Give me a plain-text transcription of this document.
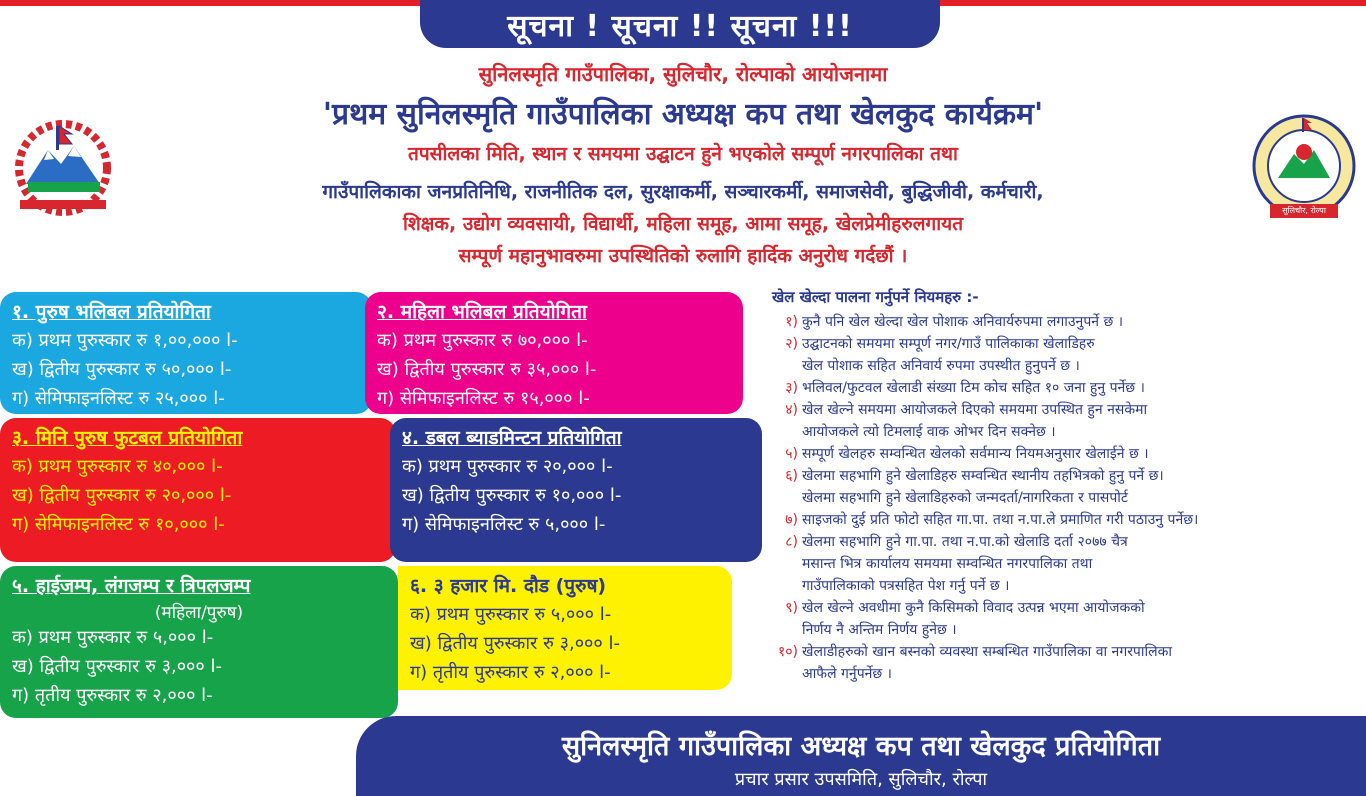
सूचना ! सूचना !! सूचना !!!
सुलिचौर, रोल्पा
सुनिलस्मृति गाउँपालिका, सुलिचौर, रोल्पाको आयोजनामा
'प्रथम सुनिलस्मृति गाउँपालिका अध्यक्ष कप तथा खेलकुद कार्यक्रम'
तपसीलका मिति, स्थान र समयमा उद्घाटन हुने भएकोले सम्पूर्ण नगरपालिका तथा
गाउँपालिकाका जनप्रतिनिधि, राजनीतिक दल, सुरक्षाकर्मी, सञ्चारकर्मी, समाजसेवी, बुद्धिजीवी, कर्मचारी,
शिक्षक, उद्योग व्यवसायी, विद्यार्थी, महिला समूह, आमा समूह, खेलप्रेमीहरुलगायत
सम्पूर्ण महानुभावरुमा उपस्थितिको रुलागि हार्दिक अनुरोध गर्दछौं ।
१. पुरुष भलिबल प्रतियोगिता
क) प्रथम पुरुस्कार रु १,००,००० l-
ख) द्वितीय पुरुस्कार रु ५०,००० l-
ग) सेमिफाइनलिस्ट रु २५,००० l-
२. महिला भलिबल प्रतियोगिता
क) प्रथम पुरुस्कार रु ७०,००० l-
ख) द्वितीय पुरुस्कार रु ३५,००० l-
ग) सेमिफाइनलिस्ट रु १५,००० l-
३. मिनि पुरुष फुटबल प्रतियोगिता
क) प्रथम पुरुस्कार रु ४०,००० l-
ख) द्वितीय पुरुस्कार रु २०,००० l-
ग) सेमिफाइनलिस्ट रु १०,००० l-
४. डबल ब्याडमिन्टन प्रतियोगिता
क) प्रथम पुरुस्कार रु २०,००० l-
ख) द्वितीय पुरुस्कार रु १०,००० l-
ग) सेमिफाइनलिस्ट रु ५,००० l-
५. हाईजम्प, लंगजम्प र त्रिपलजम्प
(महिला/पुरुष)
क) प्रथम पुरुस्कार रु ५,००० l-
ख) द्वितीय पुरुस्कार रु ३,००० l-
ग) तृतीय पुरुस्कार रु २,००० l-
६. ३ हजार मि. दौड (पुरुष)
क) प्रथम पुरुस्कार रु ५,००० l-
ख) द्वितीय पुरुस्कार रु ३,००० l-
ग) तृतीय पुरुस्कार रु २,००० l-
खेल खेल्दा पालना गर्नुपर्ने नियमहरु :-
१) कुनै पनि खेल खेल्दा खेल पोशाक अनिवार्यरुपमा लगाउनुपर्ने छ ।
२) उद्घाटनको समयमा सम्पूर्ण नगर/गाउँ पालिकाका खेलाडिहरु
खेल पोशाक सहित अनिवार्य रुपमा उपस्थीत हुनुपर्ने छ ।
३) भलिवल/फुटवल खेलाडी संख्या टिम कोच सहित १० जना हुनु पर्नेछ ।
४) खेल खेल्ने समयमा आयोजकले दिएको समयमा उपस्थित हुन नसकेमा
आयोजकले त्यो टिमलाई वाक ओभर दिन सक्नेछ ।
५) सम्पूर्ण खेलहरु सम्वन्धित खेलको सर्वमान्य नियमअनुसार खेलाईने छ ।
६) खेलमा सहभागि हुने खेलाडिहरु सम्वन्धित स्थानीय तहभित्रको हुनु पर्ने छ।
खेलमा सहभागि हुने खेलाडिहरुको जन्मदर्ता/नागरिकता र पासपोर्ट
७) साइजको दुई प्रति फोटो सहित गा.पा. तथा न.पा.ले प्रमाणित गरी पठाउनु पर्नेछ।
८) खेलमा सहभागि हुने गा.पा. तथा न.पा.को खेलाडि दर्ता २०७७ चैत्र
मसान्त भित्र कार्यालय समयमा सम्वन्धित नगरपालिका तथा
गाउँपालिकाको पत्रसहित पेश गर्नु पर्ने छ ।
९) खेल खेल्ने अवधीमा कुनै किसिमको विवाद उत्पन्न भएमा आयोजकको
निर्णय नै अन्तिम निर्णय हुनेछ ।
१०) खेलाडीहरुको खान बस्नको व्यवस्था सम्बन्धित गाउँपालिका वा नगरपालिका
आफैले गर्नुपर्नेछ ।
सुनिलस्मृति गाउँपालिका अध्यक्ष कप तथा खेलकुद प्रतियोगिता
प्रचार प्रसार उपसमिति, सुलिचौर, रोल्पा
